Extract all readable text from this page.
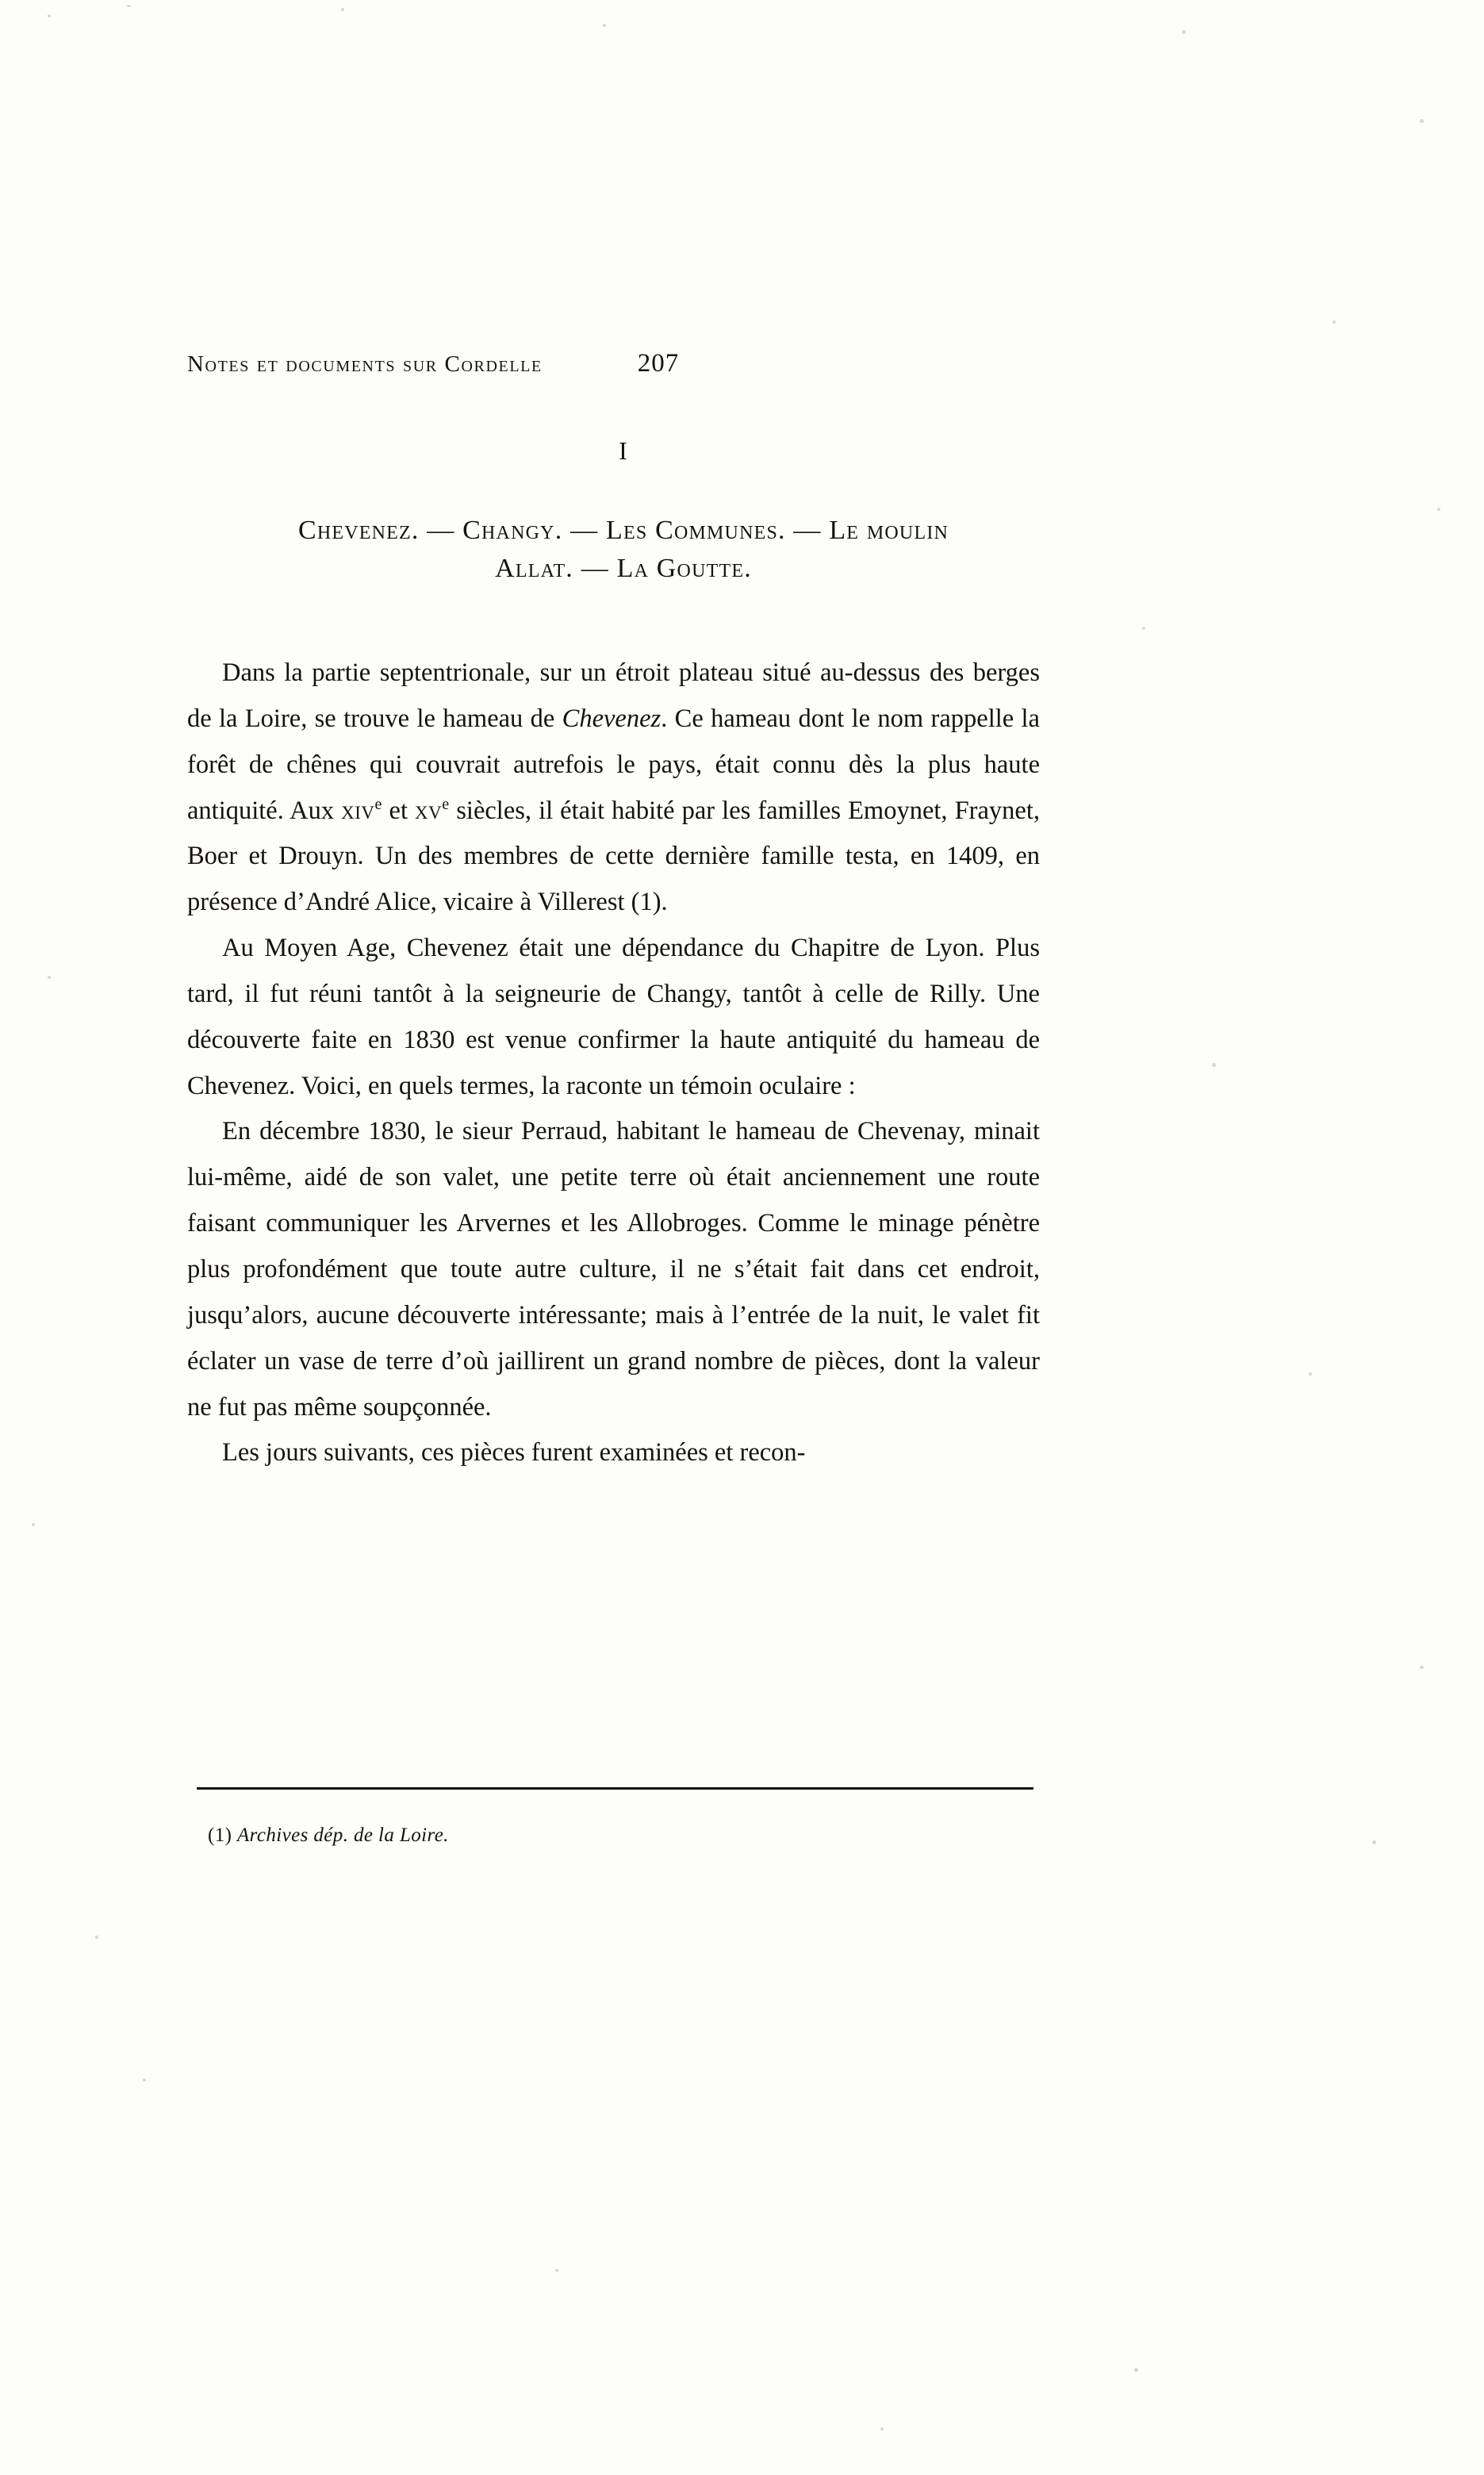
Notes et documents sur Cordelle	207
I
Chevenez. — Changy. — Les Communes. — Le moulin
Allat. — La Goutte.

Dans la partie septentrionale, sur un étroit plateau situé au-dessus des berges de la Loire, se trouve le hameau de Chevenez. Ce hameau dont le nom rappelle la forêt de chênes qui couvrait autrefois le pays, était connu dès la plus haute antiquité. Aux xiv$^e$ et $xv^e$ siècles, il était habité par les familles Emoynet, Fraynet, Boer et Drouyn. Un des membres de cette dernière famille testa, en 1409, en présence d’André Alice, vicaire à Villerest (1).

Au Moyen Age, Chevenez était une dépendance du Chapitre de Lyon. Plus tard, il fut réuni tantôt à la seigneurie de Changy, tantôt à celle de Rilly. Une découverte faite en 1830 est venue confirmer la haute antiquité du hameau de Chevenez. Voici, en quels termes, la raconte un témoin oculaire :

En décembre 1830, le sieur Perraud, habitant le hameau de Chevenay, minait lui-même, aidé de son valet, une petite terre où était anciennement une route faisant communiquer les Arvernes et les Allobroges. Comme le minage pénètre plus profondément que toute autre culture, il ne s’était fait dans cet endroit, jusqu’alors, aucune découverte intéressante; mais à l’entrée de la nuit, le valet fit éclater un vase de terre d’où jaillirent un grand nombre de pièces, dont la valeur ne fut pas même soupçonnée.

Les jours suivants, ces pièces furent examinées et recon-

(1) Archives dép. de la Loire.
